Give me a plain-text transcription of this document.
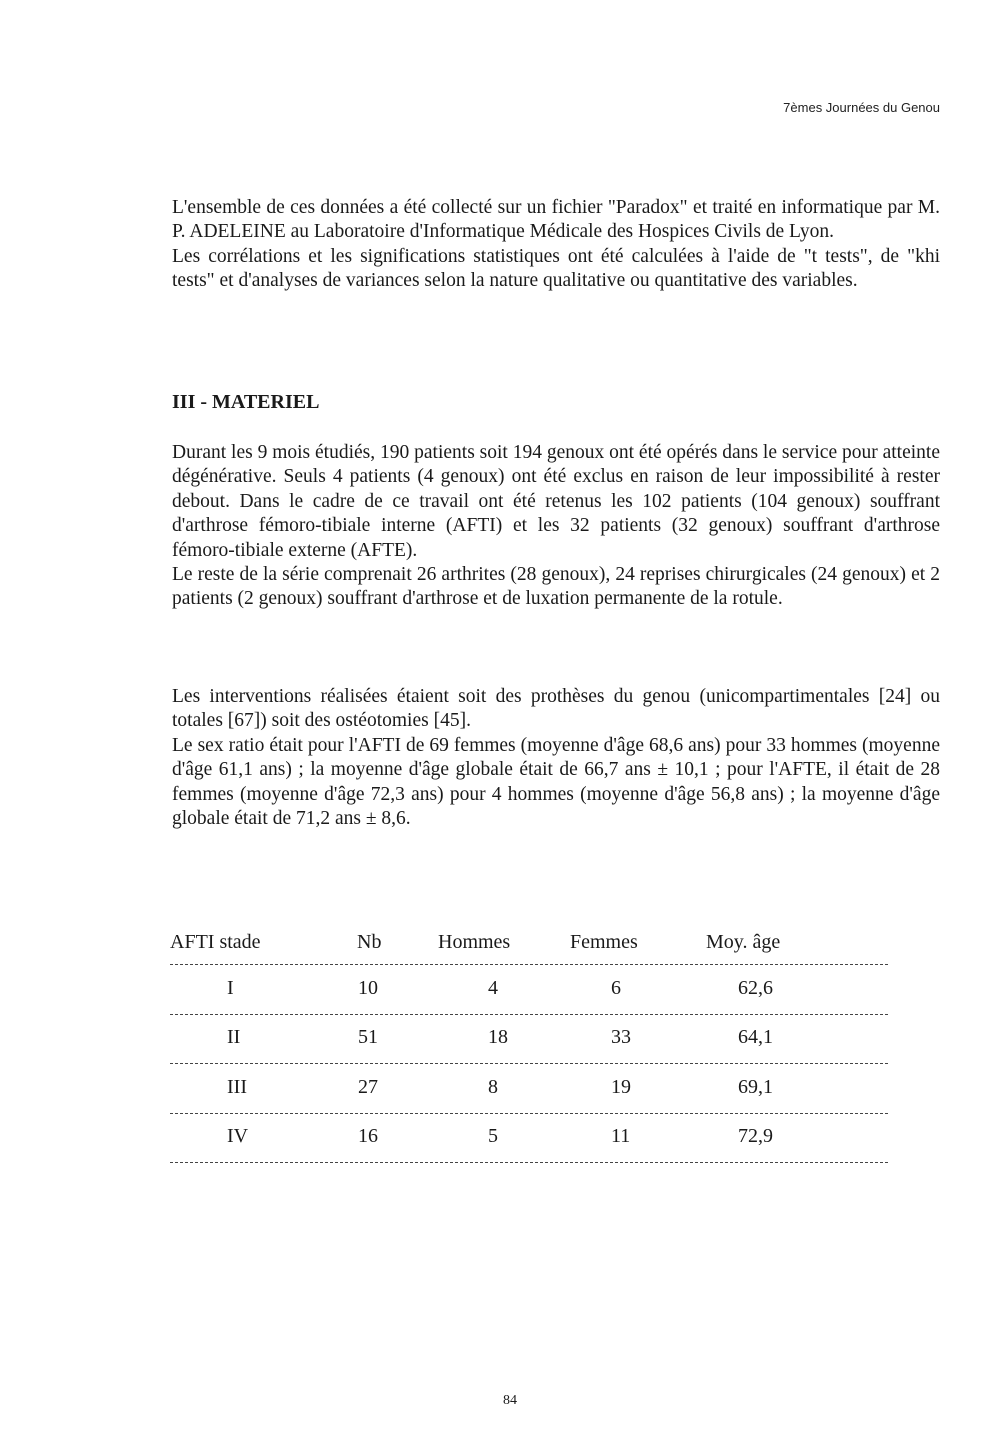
7èmes Journées du Genou

L'ensemble de ces données a été collecté sur un fichier "Paradox" et traité en informatique par M. P. ADELEINE au Laboratoire d'Informatique Médicale des Hospices Civils de Lyon.

Les corrélations et les significations statistiques ont été calculées à l'aide de "t tests", de "khi tests" et d'analyses de variances selon la nature qualitative ou quantitative des variables.

III - MATERIEL

Durant les 9 mois étudiés, 190 patients soit 194 genoux ont été opérés dans le service pour atteinte dégénérative. Seuls 4 patients (4 genoux) ont été exclus en raison de leur impossibilité à rester debout. Dans le cadre de ce travail ont été retenus les 102 patients (104 genoux) souffrant d'arthrose fémoro-tibiale interne (AFTI) et les 32 patients (32 genoux) souffrant d'arthrose fémoro-tibiale externe (AFTE).

Le reste de la série comprenait 26 arthrites (28 genoux), 24 reprises chirurgicales (24 genoux) et 2 patients (2 genoux) souffrant d'arthrose et de luxation permanente de la rotule.

Les interventions réalisées étaient soit des prothèses du genou (unicompartimentales [24] ou totales [67]) soit des ostéotomies [45].

Le sex ratio était pour l'AFTI de 69 femmes (moyenne d'âge 68,6 ans) pour 33 hommes (moyenne d'âge 61,1 ans) ; la moyenne d'âge globale était de 66,7 ans ± 10,1 ; pour l'AFTE, il était de 28 femmes (moyenne d'âge 72,3 ans) pour 4 hommes (moyenne d'âge 56,8 ans) ; la moyenne d'âge globale était de 71,2 ans ± 8,6.

AFTI stade	Nb	Hommes	Femmes	Moy. âge
I	10	4	6	62,6
II	51	18	33	64,1
III	27	8	19	69,1
IV	16	5	11	72,9
84
